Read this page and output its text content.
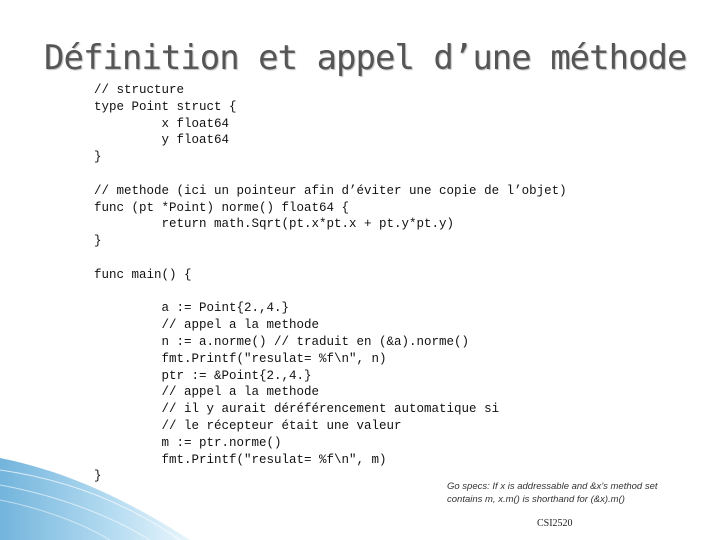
Définition et appel d’une méthode
// structure
type Point struct {
x float64
y float64
}
// methode (ici un pointeur afin d’éviter une copie de l’objet)
func (pt *Point) norme() float64 {
return math.Sqrt(pt.x*pt.x + pt.y*pt.y)
}
func main() {
a := Point{2.,4.}
// appel a la methode
n := a.norme() // traduit en (&a).norme()
fmt.Printf("resulat= %f\n", n)
ptr := &Point{2.,4.}
// appel a la methode
// il y aurait déréférencement automatique si
// le récepteur était une valeur
m := ptr.norme()
fmt.Printf("resulat= %f\n", m)
}
Go specs: If x is addressable and &x’s method set
contains m, x.m() is shorthand for (&x).m()
CSI2520
